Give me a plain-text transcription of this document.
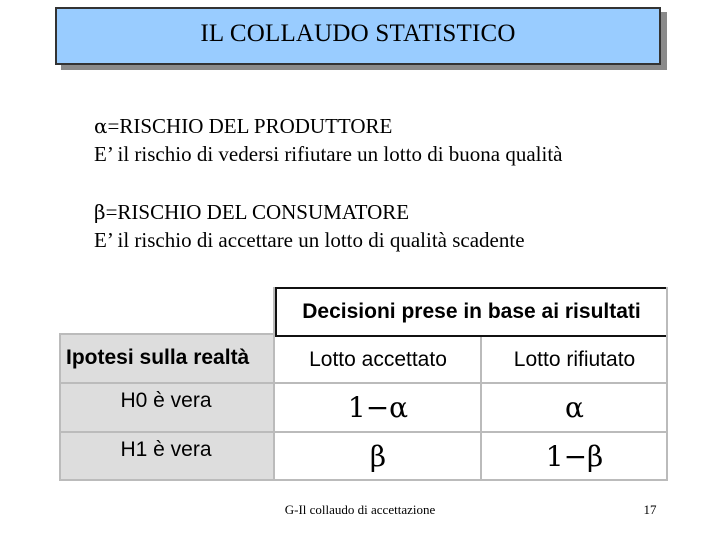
IL COLLAUDO STATISTICO
α=RISCHIO DEL PRODUTTORE
E’ il rischio di vedersi rifiutare un lotto di buona qualità
β=RISCHIO DEL CONSUMATORE
E’ il rischio di accettare un lotto di qualità scadente
Decisioni prese in base ai risultati
Ipotesi sulla realtà	Lotto accettato	Lotto rifiutato
H0 è vera	1−α	α
H1 è vera	β	1−β
G-Il collaudo di accettazione	17
